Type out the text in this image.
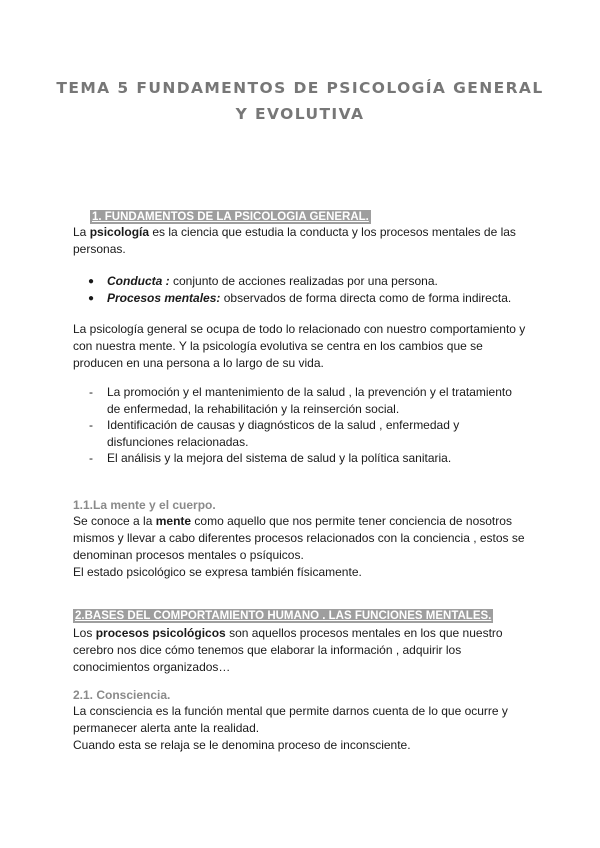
TEMA 5 FUNDAMENTOS DE PSICOLOGÍA GENERAL
Y EVOLUTIVA
1. FUNDAMENTOS DE LA PSICOLOGIA GENERAL.

La psicología es la ciencia que estudia la conducta y los procesos mentales de las personas.

● Conducta : conjunto de acciones realizadas por una persona.
● Procesos mentales: observados de forma directa como de forma indirecta.

La psicología general se ocupa de todo lo relacionado con nuestro comportamiento y con nuestra mente. Y la psicología evolutiva se centra en los cambios que se producen en una persona a lo largo de su vida.

- La promoción y el mantenimiento de la salud , la prevención y el tratamiento de enfermedad, la rehabilitación y la reinserción social.
- Identificación de causas y diagnósticos de la salud , enfermedad y disfunciones relacionadas.
- El análisis y la mejora del sistema de salud y la política sanitaria.
1.1.La mente y el cuerpo.

Se conoce a la mente como aquello que nos permite tener conciencia de nosotros mismos y llevar a cabo diferentes procesos relacionados con la conciencia , estos se denominan procesos mentales o psíquicos.

El estado psicológico se expresa también físicamente.

2.BASES DEL COMPORTAMIENTO HUMANO . LAS FUNCIONES MENTALES.

Los procesos psicológicos son aquellos procesos mentales en los que nuestro cerebro nos dice cómo tenemos que elaborar la información , adquirir los conocimientos organizados…

2.1. Consciencia.

La consciencia es la función mental que permite darnos cuenta de lo que ocurre y permanecer alerta ante la realidad.

Cuando esta se relaja se le denomina proceso de inconsciente.
